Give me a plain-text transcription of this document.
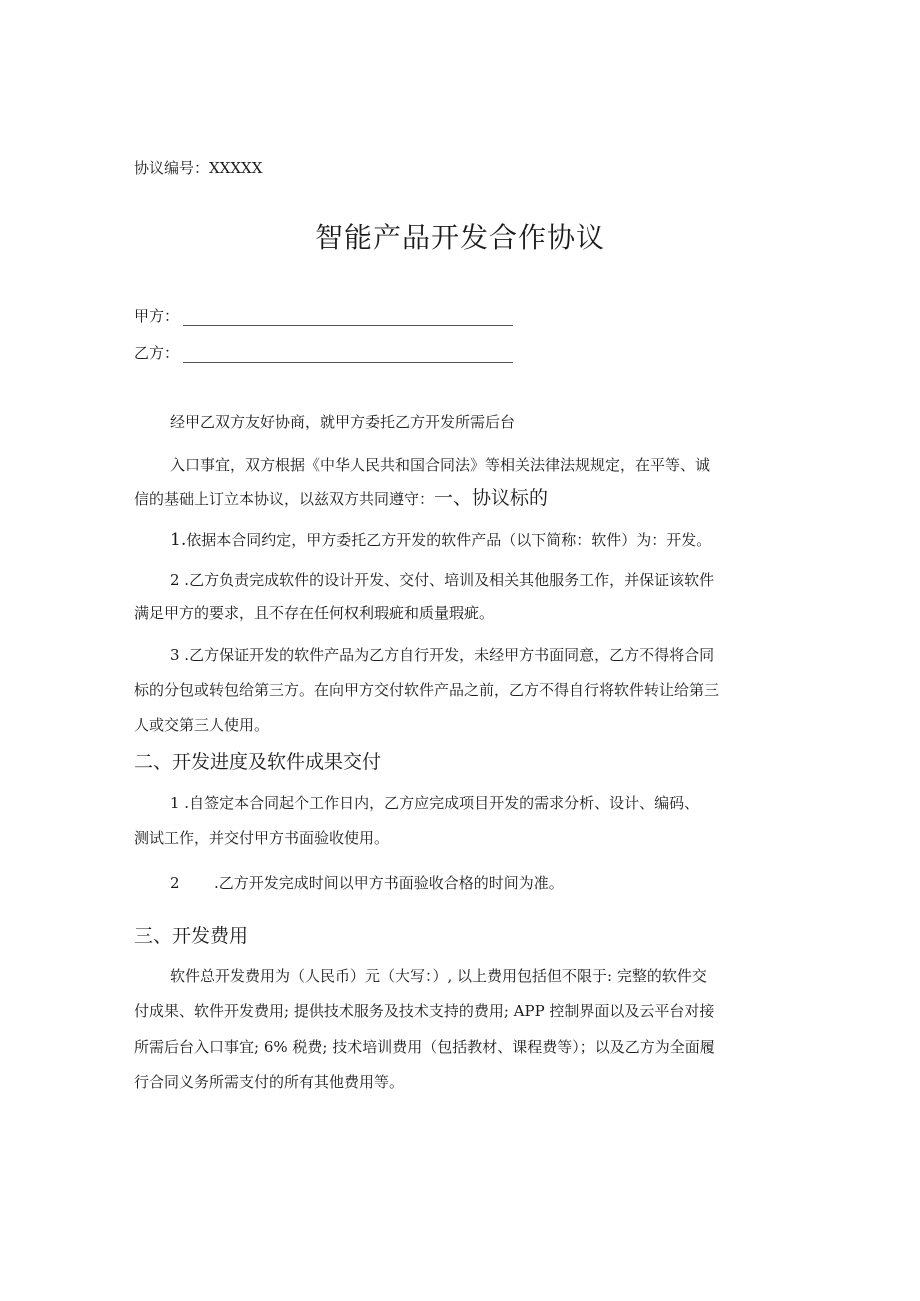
协议编号：XXXXX
智能产品开发合作协议
甲方：
乙方：
经甲乙双方友好协商，就甲方委托乙方开发所需后台
入口事宜，双方根据《中华人民共和国合同法》等相关法律法规规定，在平等、诚
信的基础上订立本协议，以兹双方共同遵守：一、协议标的
1.依据本合同约定，甲方委托乙方开发的软件产品（以下简称：软件）为：开发。
2 .乙方负责完成软件的设计开发、交付、培训及相关其他服务工作，并保证该软件
满足甲方的要求，且不存在任何权利瑕疵和质量瑕疵。
3 .乙方保证开发的软件产品为乙方自行开发，未经甲方书面同意，乙方不得将合同
标的分包或转包给第三方。在向甲方交付软件产品之前，乙方不得自行将软件转让给第三
人或交第三人使用。
二、开发进度及软件成果交付
1 .自签定本合同起个工作日内，乙方应完成项目开发的需求分析、设计、编码、
测试工作，并交付甲方书面验收使用。
2 .乙方开发完成时间以甲方书面验收合格的时间为准。
三、开发费用
软件总开发费用为（人民币）元（大写：）, 以上费用包括但不限于: 完整的软件交
付成果、软件开发费用; 提供技术服务及技术支持的费用; APP 控制界面以及云平台对接
所需后台入口事宜; 6% 税费; 技术培训费用（包括教材、课程费等）；以及乙方为全面履
行合同义务所需支付的所有其他费用等。
